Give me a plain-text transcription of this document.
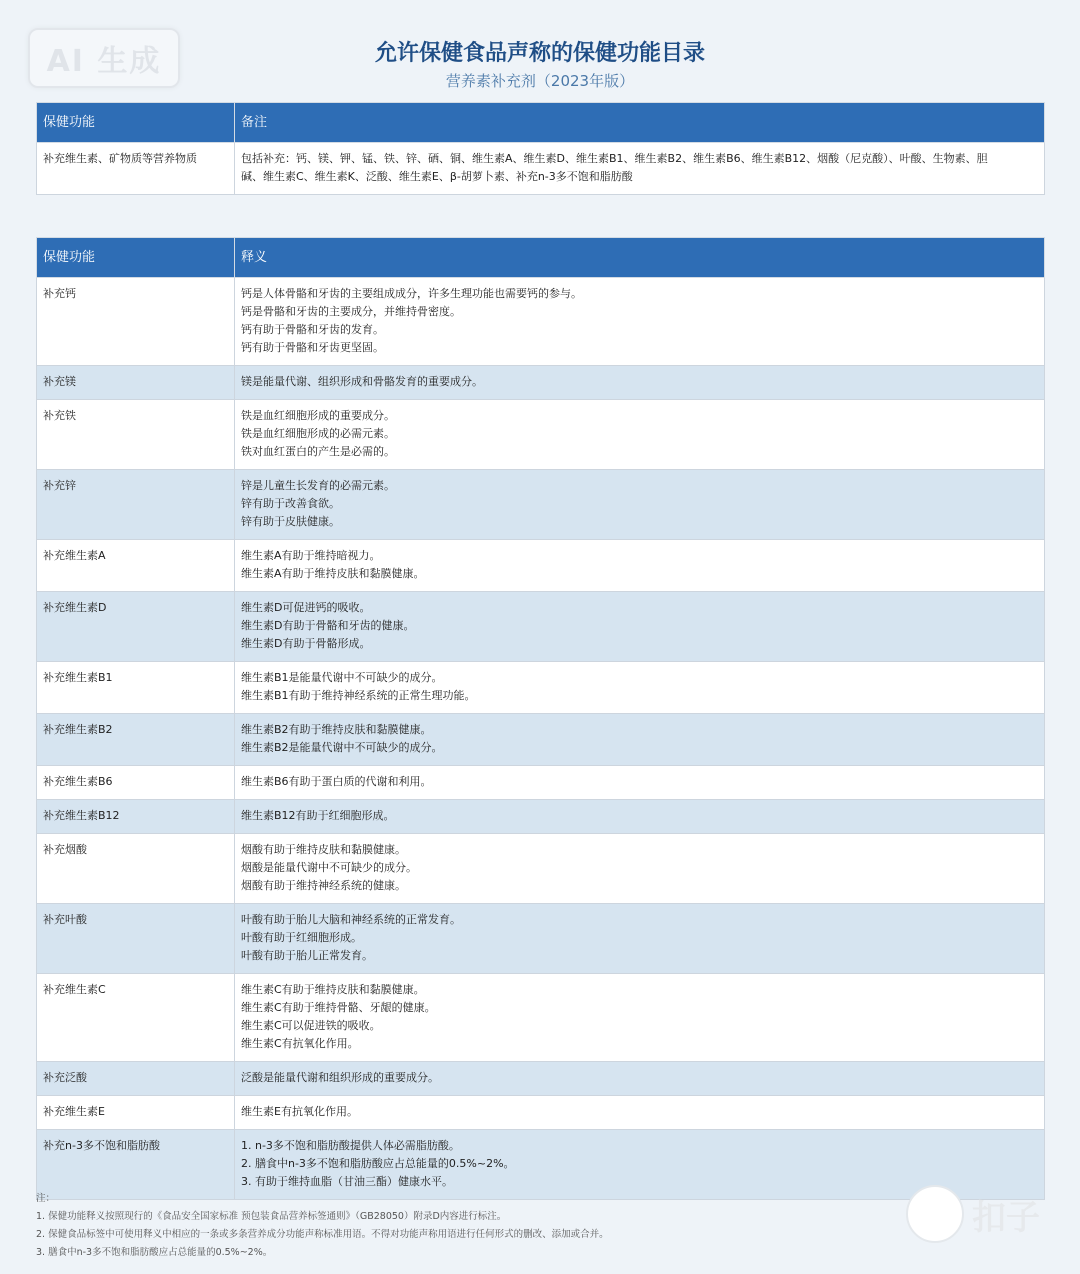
AI 生成	允许保健食品声称的保健功能目录
营养素补充剂（2023年版）
保健功能	备注
补充维生素、矿物质等营养物质	包括补充：钙、镁、钾、锰、铁、锌、硒、铜、维生素A、维生素D、维生素B1、维生素B2、维生素B6、维生素B12、烟酸（尼克酸）、叶酸、生物素、胆
碱、维生素C、维生素K、泛酸、维生素E、β-胡萝卜素、补充n-3多不饱和脂肪酸
保健功能	释义
补充钙	钙是人体骨骼和牙齿的主要组成成分，许多生理功能也需要钙的参与。
钙是骨骼和牙齿的主要成分，并维持骨密度。
钙有助于骨骼和牙齿的发育。
钙有助于骨骼和牙齿更坚固。

补充镁	镁是能量代谢、组织形成和骨骼发育的重要成分。

补充铁	铁是血红细胞形成的重要成分。
铁是血红细胞形成的必需元素。
铁对血红蛋白的产生是必需的。

补充锌	锌是儿童生长发育的必需元素。
锌有助于改善食欲。
锌有助于皮肤健康。

补充维生素A	维生素A有助于维持暗视力。
维生素A有助于维持皮肤和黏膜健康。

补充维生素D	维生素D可促进钙的吸收。
维生素D有助于骨骼和牙齿的健康。
维生素D有助于骨骼形成。

补充维生素B1	维生素B1是能量代谢中不可缺少的成分。
维生素B1有助于维持神经系统的正常生理功能。

补充维生素B2	维生素B2有助于维持皮肤和黏膜健康。
维生素B2是能量代谢中不可缺少的成分。

补充维生素B6	维生素B6有助于蛋白质的代谢和利用。

补充维生素B12	维生素B12有助于红细胞形成。

补充烟酸	烟酸有助于维持皮肤和黏膜健康。
烟酸是能量代谢中不可缺少的成分。
烟酸有助于维持神经系统的健康。

补充叶酸	叶酸有助于胎儿大脑和神经系统的正常发育。
叶酸有助于红细胞形成。
叶酸有助于胎儿正常发育。

补充维生素C	维生素C有助于维持皮肤和黏膜健康。
维生素C有助于维持骨骼、牙龈的健康。
维生素C可以促进铁的吸收。
维生素C有抗氧化作用。

补充泛酸	泛酸是能量代谢和组织形成的重要成分。

补充维生素E	维生素E有抗氧化作用。

补充n-3多不饱和脂肪酸	1. n-3多不饱和脂肪酸提供人体必需脂肪酸。
2. 膳食中n-3多不饱和脂肪酸应占总能量的0.5%~2%。
3. 有助于维持血脂（甘油三酯）健康水平。
注：
1. 保健功能释义按照现行的《食品安全国家标准 预包装食品营养标签通则》（GB28050）附录D内容进行标注。
2. 保健食品标签中可使用释义中相应的一条或多条营养成分功能声称标准用语。不得对功能声称用语进行任何形式的删改、添加或合并。
3. 膳食中n-3多不饱和脂肪酸应占总能量的0.5%~2%。
扣子
